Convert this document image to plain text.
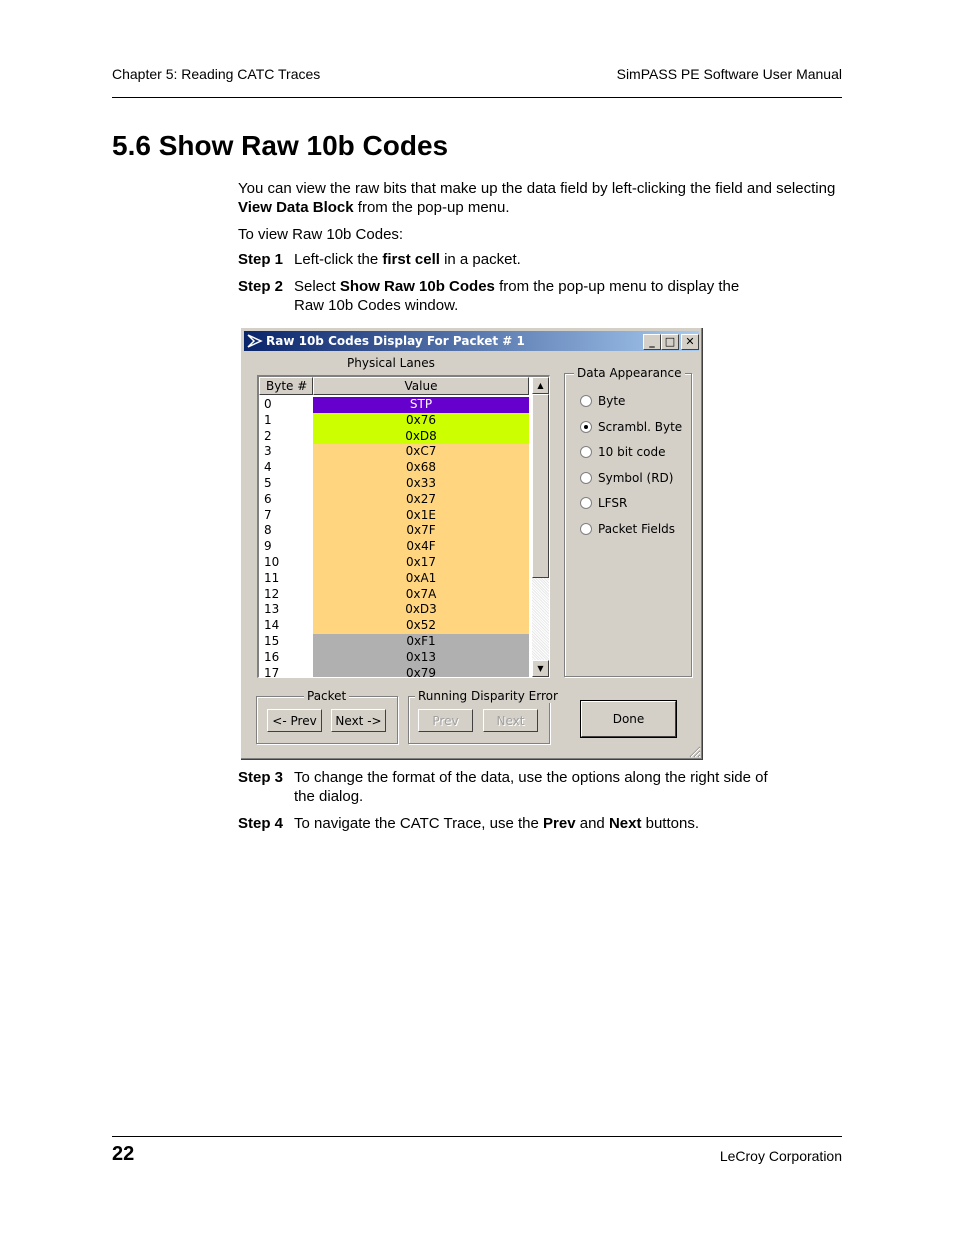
Chapter 5: Reading CATC Traces	SimPASS PE Software User Manual
5.6 Show Raw 10b Codes
You can view the raw bits that make up the data field by left-clicking the field and selecting View Data Block from the pop-up menu.
To view Raw 10b Codes:
Step 1 Left-click the first cell in a packet.
Step 2 Select Show Raw 10b Codes from the pop-up menu to display the
Raw 10b Codes window.
Raw 10b Codes Display For Packet # 1	_ □ ✕
Physical Lanes
Byte #	Value
0	STP
1	0x76
2	0xD8
3	0xC7
4	0x68
5	0x33
6	0x27
7	0x1E
8	0x7F
9	0x4F
10	0x17
11	0xA1
12	0x7A
13	0xD3
14	0x52
15	0xF1
16	0x13
17	0x79
▲
▼
Data Appearance
Byte
Scrambl. Byte
10 bit code
Symbol (RD)
LFSR
Packet Fields
Packet
<- Prev	Next ->
Running Disparity Error
Prev	Next	Done
Step 3 To change the format of the data, use the options along the right side of
the dialog.
Step 4 To navigate the CATC Trace, use the Prev and Next buttons.
22	LeCroy Corporation
